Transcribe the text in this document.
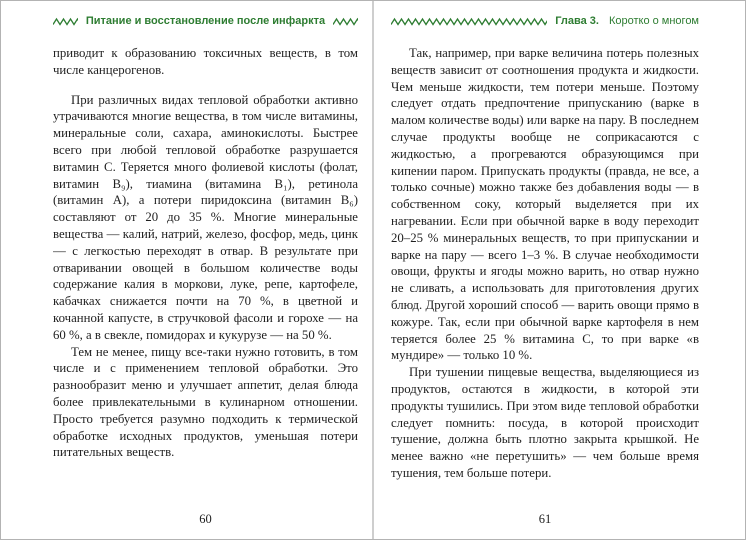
Питание и восстановление после инфаркта

приводит к образованию токсичных веществ, в том числе канцерогенов.

При различных видах тепловой обработки активно утрачиваются многие вещества, в том числе витамины, минеральные соли, сахара, аминокислоты. Быстрее всего при любой тепловой обработке разрушается витамин С. Теряется много фолиевой кислоты (фолат, витамин В₉), тиамина (витамина В₁), ретинола (витамин А), а потери пиридоксина (витамин В₆) составляют от 20 до 35 %. Многие минеральные вещества — калий, натрий, железо, фосфор, медь, цинк — с легкостью переходят в отвар. В результате при отваривании овощей в большом количестве воды содержание калия в моркови, луке, репе, картофеле, кабачках снижается почти на 70 %, в цветной и кочанной капусте, в стручковой фасоли и горохе — на 60 %, а в свекле, помидорах и кукурузе — на 50 %.

Тем не менее, пищу все-таки нужно готовить, в том числе и с применением тепловой обработки. Это разнообразит меню и улучшает аппетит, делая блюда более привлекательными в кулинарном отношении. Просто требуется разумно подходить к термической обработке исходных продуктов, уменьшая потери питательных веществ.

60
Глава 3. Коротко о многом

Так, например, при варке величина потерь полезных веществ зависит от соотношения продукта и жидкости. Чем меньше жидкости, тем потери меньше. Поэтому следует отдать предпочтение припусканию (варке в малом количестве воды) или варке на пару. В последнем случае продукты вообще не соприкасаются с жидкостью, а прогреваются образующимся при кипении паром. Припускать продукты (правда, не все, а только сочные) можно также без добавления воды — в собственном соку, который выделяется при их нагревании. Если при обычной варке в воду переходит 20–25 % минеральных веществ, то при припускании и варке на пару — всего 1–3 %. В случае необходимости овощи, фрукты и ягоды можно варить, но отвар нужно не сливать, а использовать для приготовления других блюд. Другой хороший способ — варить овощи прямо в кожуре. Так, если при обычной варке картофеля в нем теряется более 25 % витамина С, то при варке «в мундире» — только 10 %.

При тушении пищевые вещества, выделяющиеся из продуктов, остаются в жидкости, в которой эти продукты тушились. При этом виде тепловой обработки следует помнить: посуда, в которой происходит тушение, должна быть плотно закрыта крышкой. Не менее важно «не перетушить» — чем больше время тушения, тем больше потери.

61
